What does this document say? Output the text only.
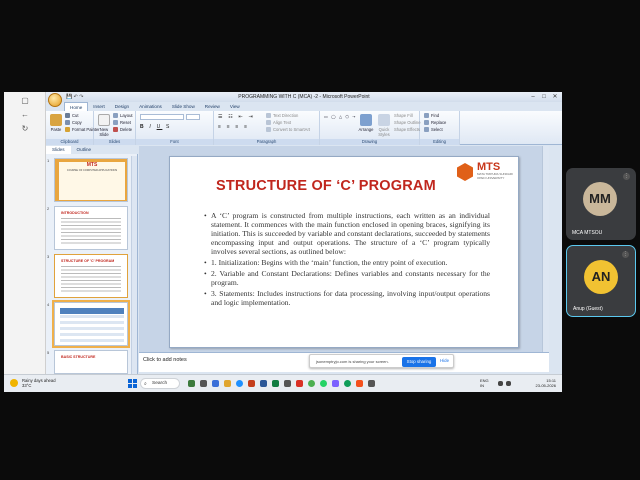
▢
←
↻
PROGRAMMING WITH C (MCA) -2 - Microsoft PowerPoint
💾 ↶ ↷	–	□	✕
Home	Insert	Design	Animations	Slide Show	Review	View
Paste
Cut
Copy
Format Painter
Clipboard
New Slide
Layout
Reset
Delete
Slides
B I U S
Font
☰ ☷ ⇤ ⇥
≡ ≡ ≡ ≡
Text Direction
Align Text
Convert to SmartArt
Paragraph
▭ ◯ △ ⬠ ➝
Arrange	Quick Styles
Shape Fill
Shape Outline
Shape Effects
Drawing
Find
Replace
Select
Editing
Slides	Outline
1
MTS
COURSE OF COMPUTER APPLICATIONS
2
INTRODUCTION
3
STRUCTURE OF 'C' PROGRAM
4
5
BASIC STRUCTURE
MTS
MATA TRIPURA SUNDARI OPEN UNIVERSITY
STRUCTURE OF ‘C’ PROGRAM
• A ‘C’ program is constructed from multiple instructions, each written as an individual statement. It commences with the main function enclosed in opening braces, signifying its initiation. This is succeeded by variable and constant declarations, succeeded by statements encompassing input and output operations. The structure of a ‘C’ program typically involves several sections, as outlined below:
• 1. Initialization: Begins with the ‘main’ function, the entry point of execution.
• 2. Variable and Constant Declarations: Defines variables and constants necessary for the program.
• 3. Statements: Includes instructions for data processing, involving input/output operations and logic implementation.
Click to add notes	jsonemptryjo.com is sharing your screen.	Stop sharing	Hide
Rainy days ahead
33°C	⌕ Search
ENG
IN
15:11
23-05-2026
MM
⋮
MCA MTSOU
AN
⋮
Anup (Guest)
